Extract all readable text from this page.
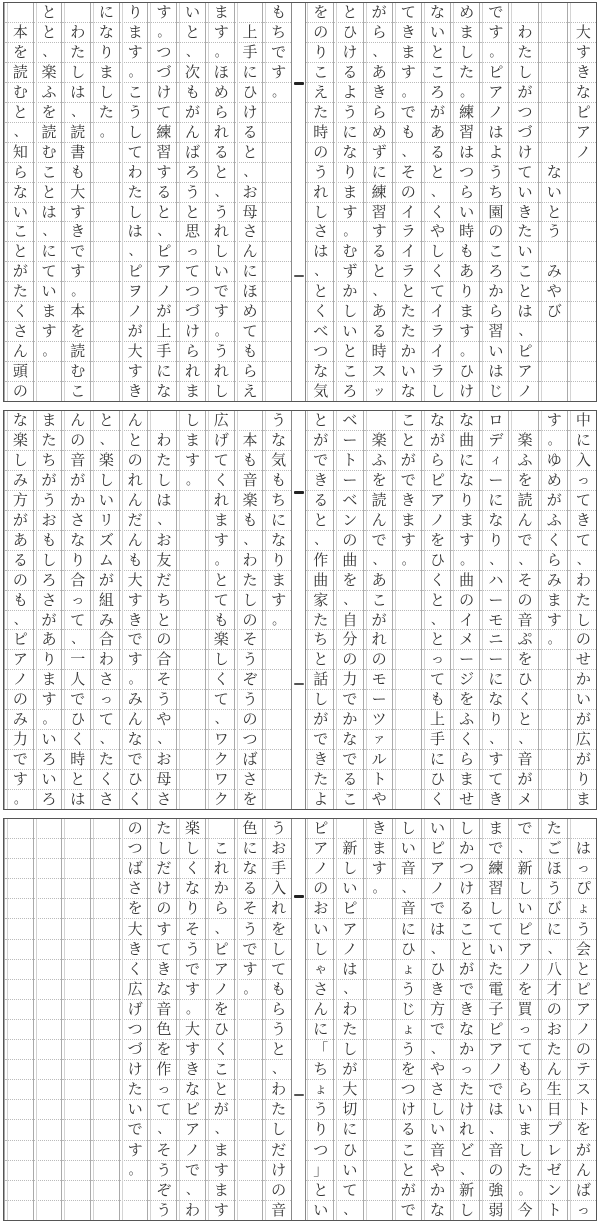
大
す
き
な
ピ
ア
ノ
な
い
と
う
み
や
び
わ
た
し
が
つ
づ
け
て
い
き
た
い
こ
と
は
、
ピ
ア
ノ
で
す
。
ピ
ア
ノ
は
よ
う
ち
園
の
こ
ろ
か
ら
習
い
は
じ
め
ま
し
た
。
練
習
は
つ
ら
い
時
も
あ
り
ま
す
。
ひ
け
な
い
と
こ
ろ
が
あ
る
と
、
く
や
し
く
て
イ
ラ
イ
ラ
し
て
き
ま
す
。
で
も
、
そ
の
イ
ラ
イ
ラ
と
た
た
か
い
な
が
ら
、
あ
き
ら
め
ず
に
練
習
す
る
と
、
あ
る
時
ス
ッ
と
ひ
け
る
よ
う
に
な
り
ま
す
。
む
ず
か
し
い
と
こ
ろ
を
の
り
こ
え
た
時
の
う
れ
し
さ
は
、
と
く
べ
つ
な
気
も
ち
で
す
。
上
手
に
ひ
け
る
と
、
お
母
さ
ん
に
ほ
め
て
も
ら
え
ま
す
。
ほ
め
ら
れ
る
と
、
う
れ
し
い
で
す
。
う
れ
し
い
と
、
次
も
が
ん
ば
ろ
う
と
思
っ
て
つ
づ
け
ら
れ
ま
す
。
つ
づ
け
て
練
習
す
る
と
、
ピ
ア
ノ
が
上
手
に
な
り
ま
す
。
こ
う
し
て
わ
た
し
は
、
ピ
ヲ
ノ
が
大
す
き
に
な
り
ま
し
た
。
わ
た
し
は
、
読
書
も
大
す
き
で
す
。
本
を
読
む
こ
と
と
、
楽
ふ
を
読
む
こ
と
は
、
に
て
い
ま
す
。
本
を
読
む
と
、
知
ら
な
い
こ
と
が
た
く
さ
ん
頭
の
中
に
入
っ
て
き
て
、
わ
た
し
の
せ
か
い
が
広
が
り
ま
す
。
ゆ
め
が
ふ
く
ら
み
ま
す
。
楽
ふ
を
読
ん
で
、
そ
の
音
ぷ
を
ひ
く
と
、
音
が
メ
ロ
デ
ィ
ー
に
な
り
、
ハ
ー
モ
ニ
ー
に
な
り
、
す
て
き
な
曲
に
な
り
ま
す
。
曲
の
イ
メ
ー
ジ
を
ふ
く
ら
ま
せ
な
が
ら
ピ
ア
ノ
を
ひ
く
と
、
と
っ
て
も
上
手
に
ひ
く
こ
と
が
で
き
ま
す
。
楽
ふ
を
読
ん
で
、
あ
こ
が
れ
の
モ
ー
ツ
ァ
ル
ト
や
ベ
ー
ト
ー
ベ
ン
の
曲
を
、
自
分
の
力
で
か
な
で
る
こ
と
が
で
き
る
と
、
作
曲
家
た
ち
と
話
し
が
で
き
た
よ
う
な
気
も
ち
に
な
り
ま
す
。
本
も
音
楽
も
、
わ
た
し
の
そ
う
ぞ
う
の
つ
ば
さ
を
広
げ
て
く
れ
ま
す
。
と
て
も
楽
し
く
て
、
ワ
ク
ワ
ク
し
ま
す
。
わ
た
し
は
、
お
友
だ
ち
と
の
合
そ
う
や
、
お
母
さ
ん
と
の
れ
ん
だ
ん
も
大
す
き
で
す
。
み
ん
な
で
ひ
く
と
、
楽
し
い
リ
ズ
ム
が
組
み
合
わ
さ
っ
て
、
た
く
さ
ん
の
音
が
か
さ
な
り
合
っ
て
、
一
人
で
ひ
く
時
と
は
ま
た
ち
が
う
お
も
し
ろ
さ
が
あ
り
ま
す
。
い
ろ
い
ろ
な
楽
し
み
方
が
あ
る
の
も
、
ピ
ア
ノ
の
み
力
で
す
。
は
っ
ぴ
ょ
う
会
と
ピ
ア
ノ
の
テ
ス
ト
を
が
ん
ば
っ
た
ご
ほ
う
び
に
、
八
才
の
お
た
ん
生
日
プ
レ
ゼ
ン
ト
で
、
新
し
い
ピ
ア
ノ
を
買
っ
て
も
ら
い
ま
し
た
。
今
ま
で
練
習
し
て
い
た
電
子
ピ
ア
ノ
で
は
、
音
の
強
弱
し
か
つ
け
る
こ
と
が
で
き
な
か
っ
た
け
れ
ど
、
新
し
い
ピ
ア
ノ
で
は
、
ひ
き
方
で
、
や
さ
し
い
音
や
か
な
し
い
音
、
音
に
ひ
ょ
う
じ
ょ
う
を
つ
け
る
こ
と
が
で
き
ま
す
。
新
し
い
ピ
ア
ノ
は
、
わ
た
し
が
大
切
に
ひ
い
て
、
ピ
ア
ノ
の
お
い
し
ゃ
さ
ん
に
「
ち
ょ
う
り
つ
」
と
い
う
お
手
入
れ
を
し
て
も
ら
う
と
、
わ
た
し
だ
け
の
音
色
に
な
る
そ
う
で
す
。
こ
れ
か
ら
、
ピ
ア
ノ
を
ひ
く
こ
と
が
、
ま
す
ま
す
楽
し
く
な
り
そ
う
で
す
。
大
す
き
な
ピ
ア
ノ
で
、
わ
た
し
だ
け
の
す
て
き
な
音
色
を
作
っ
て
、
そ
う
ぞ
う
の
つ
ば
さ
を
大
き
く
広
げ
つ
づ
け
た
い
で
す
。
